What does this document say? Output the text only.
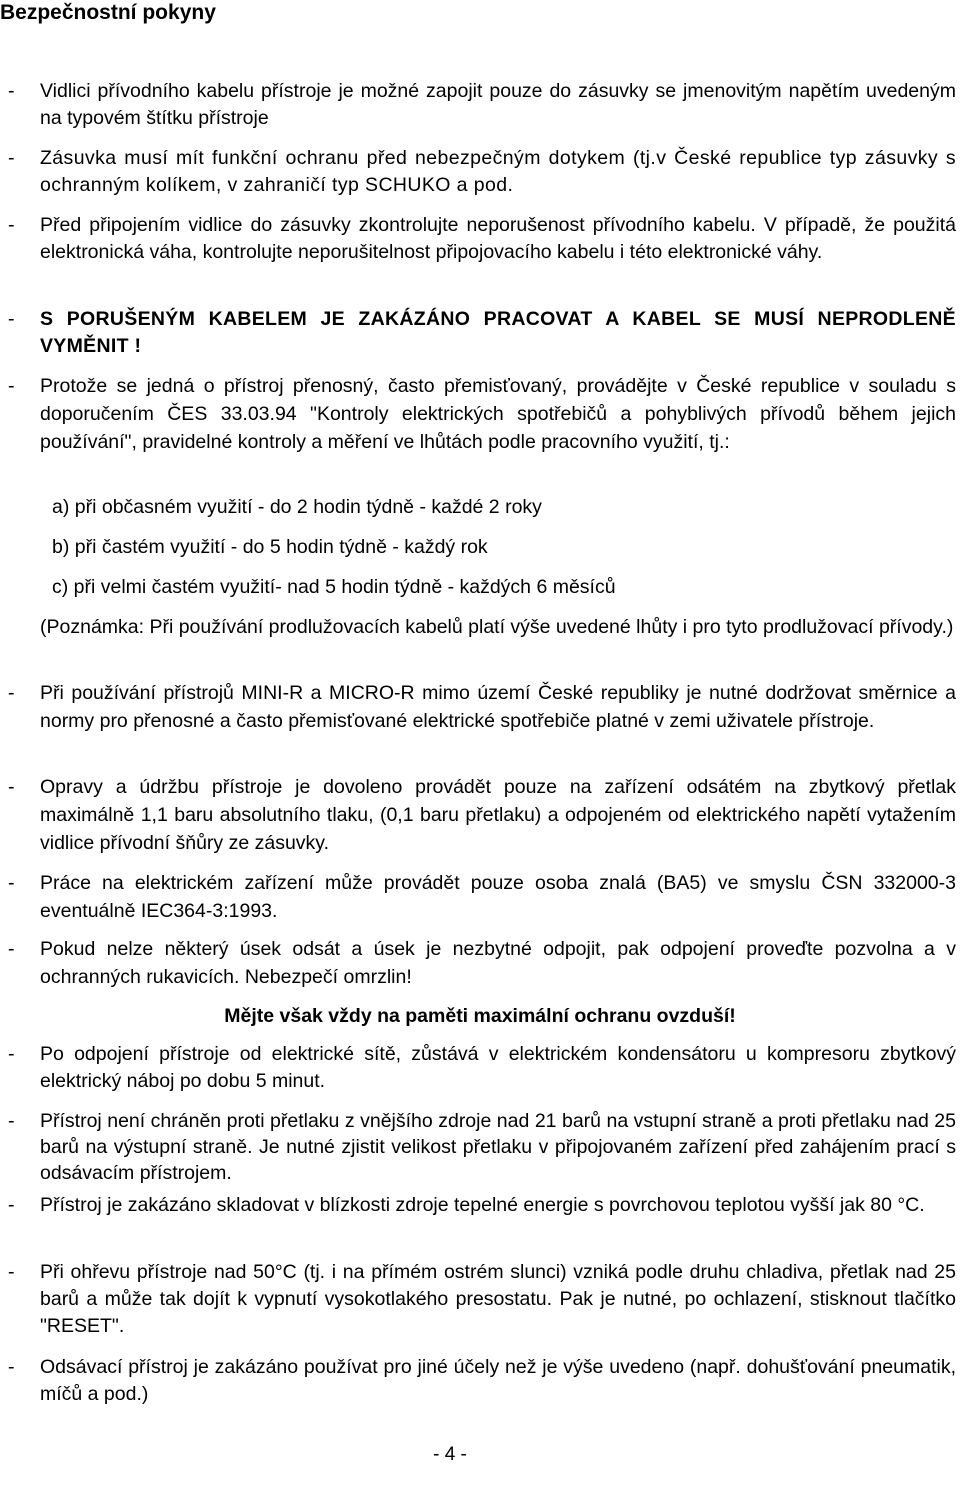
Bezpečnostní pokyny
- Vidlici přívodního kabelu přístroje je možné zapojit pouze do zásuvky se jmenovitým napětím uvedeným na typovém štítku přístroje
- Zásuvka musí mít funkční ochranu před nebezpečným dotykem (tj.v České republice typ zásuvky s ochranným kolíkem, v zahraničí typ SCHUKO a pod.
- Před připojením vidlice do zásuvky zkontrolujte neporušenost přívodního kabelu. V případě, že použitá elektronická váha, kontrolujte neporušitelnost připojovacího kabelu i této elektronické váhy.
- S PORUŠENÝM KABELEM JE ZAKÁZÁNO PRACOVAT A KABEL SE MUSÍ NEPRODLENĚ VYMĚNIT !
- Protože se jedná o přístroj přenosný, často přemisťovaný, provádějte v České republice v souladu s doporučením ČES 33.03.94 "Kontroly elektrických spotřebičů a pohyblivých přívodů během jejich používání", pravidelné kontroly a měření ve lhůtách podle pracovního využití, tj.:
a) při občasném využití - do 2 hodin týdně - každé 2 roky
b) při častém využití - do 5 hodin týdně - každý rok
c) při velmi častém využití- nad 5 hodin týdně - každých 6 měsíců
(Poznámka: Při používání prodlužovacích kabelů platí výše uvedené lhůty i pro tyto prodlužovací přívody.)
- Při používání přístrojů MINI-R a MICRO-R mimo území České republiky je nutné dodržovat směrnice a normy pro přenosné a často přemisťované elektrické spotřebiče platné v zemi uživatele přístroje.
- Opravy a údržbu přístroje je dovoleno provádět pouze na zařízení odsátém na zbytkový přetlak maximálně 1,1 baru absolutního tlaku, (0,1 baru přetlaku) a odpojeném od elektrického napětí vytažením vidlice přívodní šňůry ze zásuvky.
- Práce na elektrickém zařízení může provádět pouze osoba znalá (BA5) ve smyslu ČSN 332000-3 eventuálně IEC364-3:1993.
- Pokud nelze některý úsek odsát a úsek je nezbytné odpojit, pak odpojení proveďte pozvolna a v ochranných rukavicích. Nebezpečí omrzlin!
Mějte však vždy na paměti maximální ochranu ovzduší!
- Po odpojení přístroje od elektrické sítě, zůstává v elektrickém kondensátoru u kompresoru zbytkový elektrický náboj po dobu 5 minut.
- Přístroj není chráněn proti přetlaku z vnějšího zdroje nad 21 barů na vstupní straně a proti přetlaku nad 25 barů na výstupní straně. Je nutné zjistit velikost přetlaku v připojovaném zařízení před zahájením prací s odsávacím přístrojem.
- Přístroj je zakázáno skladovat v blízkosti zdroje tepelné energie s povrchovou teplotou vyšší jak 80 °C.
- Při ohřevu přístroje nad 50°C (tj. i na přímém ostrém slunci) vzniká podle druhu chladiva, přetlak nad 25 barů a může tak dojít k vypnutí vysokotlakého presostatu. Pak je nutné, po ochlazení, stisknout tlačítko "RESET".
- Odsávací přístroj je zakázáno používat pro jiné účely než je výše uvedeno (např. dohušťování pneumatik, míčů a pod.)
- 4 -
